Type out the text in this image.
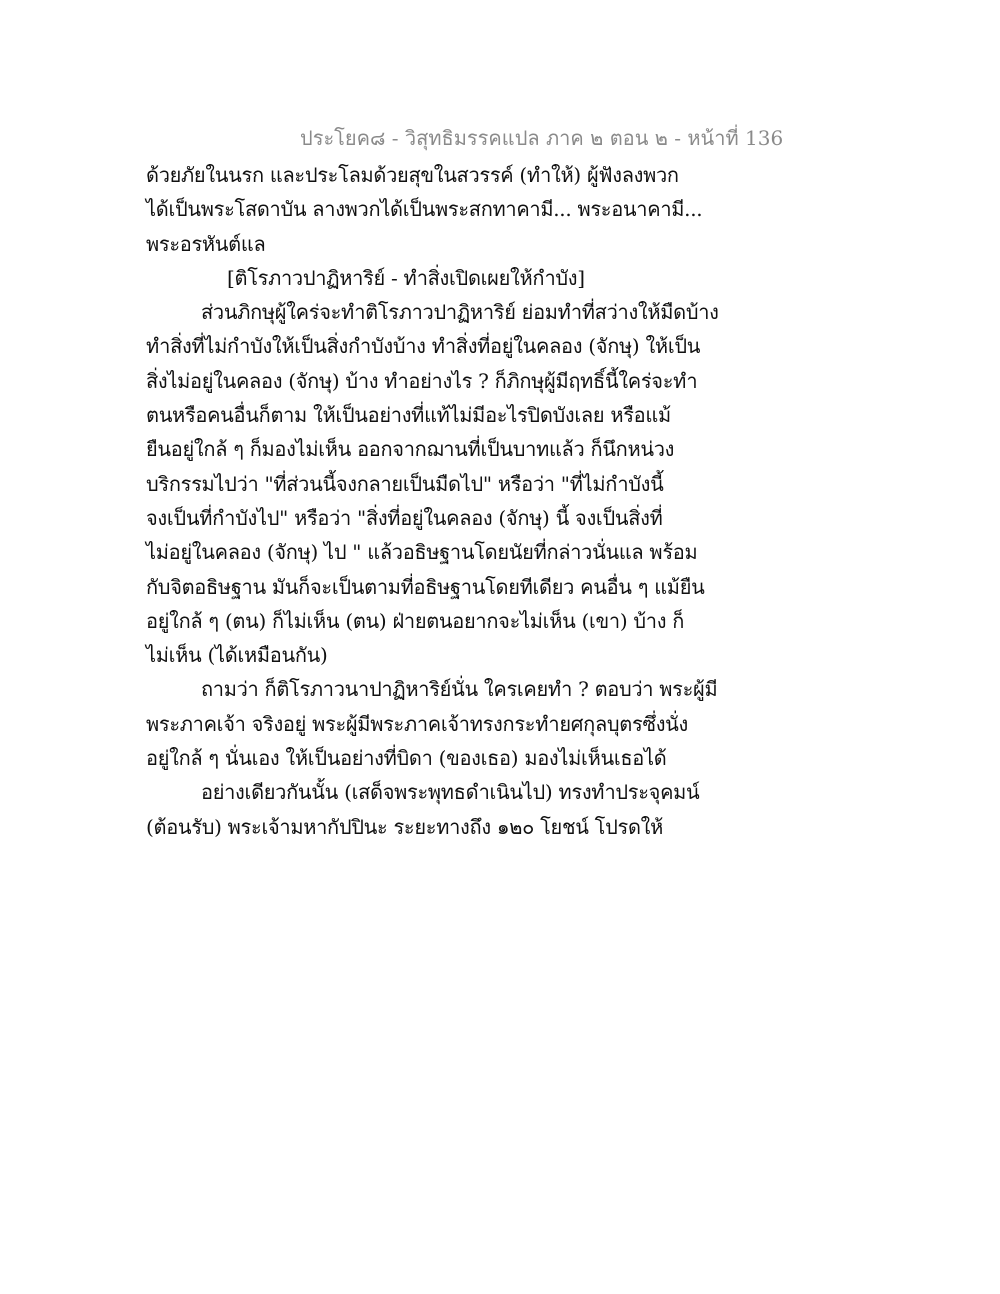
ประโยค๘ - วิสุทธิมรรคแปล ภาค ๒ ตอน ๒ - หน้าที่ 136
ด้วยภัยในนรก และประโลมด้วยสุขในสวรรค์ (ทำให้) ผู้ฟังลงพวก
ได้เป็นพระโสดาบัน ลางพวกได้เป็นพระสกทาคามี... พระอนาคามี...
พระอรหันต์แล
[ติโรภาวปาฏิหาริย์ - ทำสิ่งเปิดเผยให้กำบัง]
ส่วนภิกษุผู้ใคร่จะทำติโรภาวปาฏิหาริย์ ย่อมทำที่สว่างให้มืดบ้าง
ทำสิ่งที่ไม่กำบังให้เป็นสิ่งกำบังบ้าง ทำสิ่งที่อยู่ในคลอง (จักษุ) ให้เป็น
สิ่งไม่อยู่ในคลอง (จักษุ) บ้าง ทำอย่างไร ? ก็ภิกษุผู้มีฤทธิ์นี้ใคร่จะทำ
ตนหรือคนอื่นก็ตาม ให้เป็นอย่างที่แท้ไม่มีอะไรปิดบังเลย หรือแม้
ยืนอยู่ใกล้ ๆ ก็มองไม่เห็น ออกจากฌานที่เป็นบาทแล้ว ก็นึกหน่วง
บริกรรมไปว่า "ที่ส่วนนี้จงกลายเป็นมืดไป" หรือว่า "ที่ไม่กำบังนี้
จงเป็นที่กำบังไป" หรือว่า "สิ่งที่อยู่ในคลอง (จักษุ) นี้ จงเป็นสิ่งที่
ไม่อยู่ในคลอง (จักษุ) ไป " แล้วอธิษฐานโดยนัยที่กล่าวนั่นแล พร้อม
กับจิตอธิษฐาน มันก็จะเป็นตามที่อธิษฐานโดยทีเดียว คนอื่น ๆ แม้ยืน
อยู่ใกล้ ๆ (ตน) ก็ไม่เห็น (ตน) ฝ่ายตนอยากจะไม่เห็น (เขา) บ้าง ก็
ไม่เห็น (ได้เหมือนกัน)
ถามว่า ก็ติโรภาวนาปาฏิหาริย์นั่น ใครเคยทำ ? ตอบว่า พระผู้มี
พระภาคเจ้า จริงอยู่ พระผู้มีพระภาคเจ้าทรงกระทำยศกุลบุตรซึ่งนั่ง
อยู่ใกล้ ๆ นั่นเอง ให้เป็นอย่างที่บิดา (ของเธอ) มองไม่เห็นเธอได้
อย่างเดียวกันนั้น (เสด็จพระพุทธดำเนินไป) ทรงทำประจุคมน์
(ต้อนรับ) พระเจ้ามหากัปปินะ ระยะทางถึง ๑๒๐ โยชน์ โปรดให้
